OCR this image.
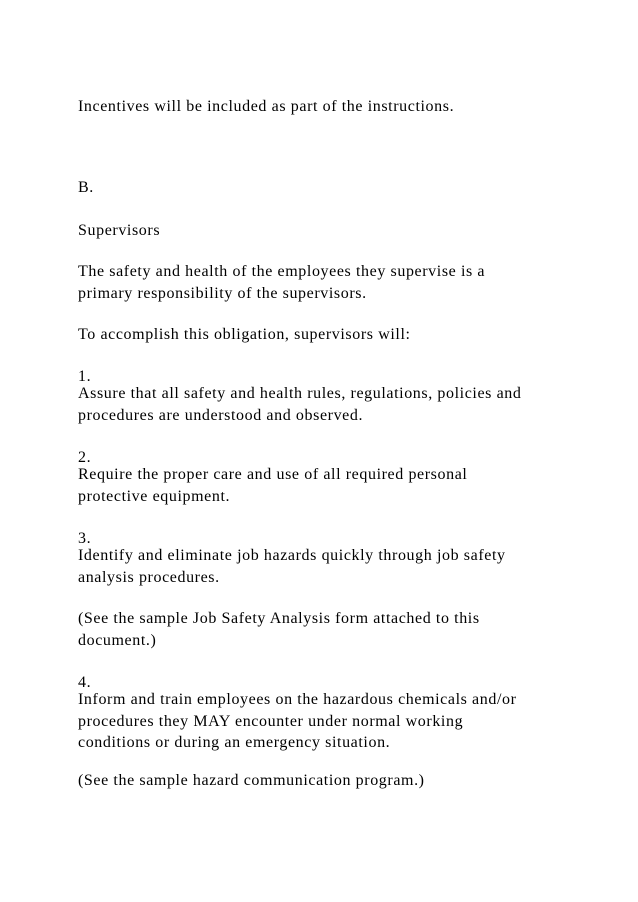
Incentives will be included as part of the instructions.

B.

Supervisors

The safety and health of the employees they supervise is a

primary responsibility of the supervisors.

To accomplish this obligation, supervisors will:

1.

Assure that all safety and health rules, regulations, policies and

procedures are understood and observed.

2.

Require the proper care and use of all required personal

protective equipment.

3.

Identify and eliminate job hazards quickly through job safety

analysis procedures.

(See the sample Job Safety Analysis form attached to this

document.)

4.

Inform and train employees on the hazardous chemicals and/or

procedures they MAY encounter under normal working

conditions or during an emergency situation.

(See the sample hazard communication program.)
